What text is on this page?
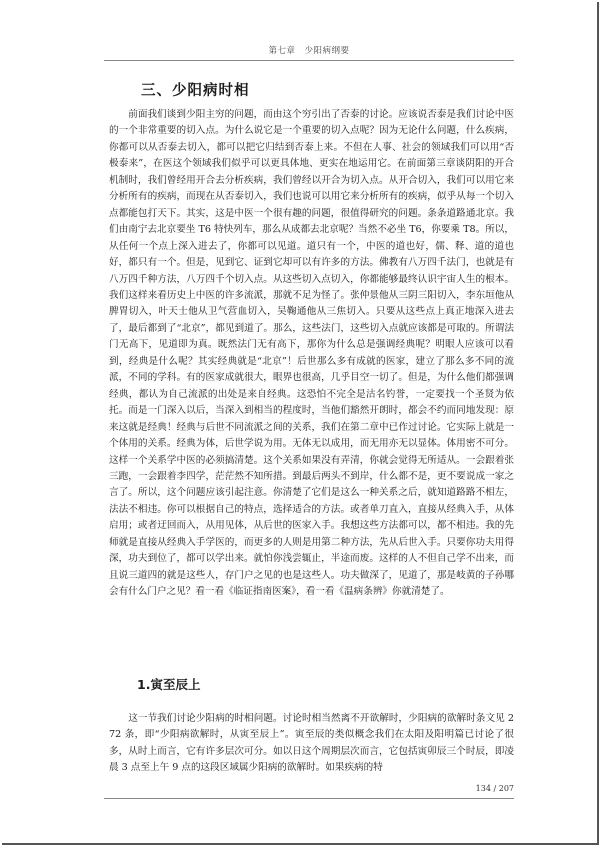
第七章　少阳病纲要
三、少阳病时相

前面我们谈到少阳主穷的问题，而由这个穷引出了否泰的讨论。应该说否泰是我们讨论中医的一个非常重要的切入点。为什么说它是一个重要的切入点呢？因为无论什么问题，什么疾病，你都可以从否泰去切入，都可以把它归结到否泰上来。不但在人事、社会的领域我们可以用“否极泰来”，在医这个领域我们似乎可以更具体地、更实在地运用它。在前面第三章谈阴阳的开合机制时，我们曾经用开合去分析疾病，我们曾经以开合为切入点。从开合切入，我们可以用它来分析所有的疾病，而现在从否泰切入，我们也说可以用它来分析所有的疾病，似乎从每一个切入点都能包打天下。其实，这是中医一个很有趣的问题，很值得研究的问题。条条道路通北京。我们由南宁去北京要坐 T6 特快列车，那么从成都去北京呢？当然不必坐 T6，你要乘 T8。所以，从任何一个点上深入进去了，你都可以见道。道只有一个，中医的道也好，儒、释、道的道也好，都只有一个。但是，见到它、证到它却可以有许多的方法。佛教有八万四千法门，也就是有八万四千种方法，八万四千个切入点。从这些切入点切入，你都能够最终认识宇宙人生的根本。我们这样来看历史上中医的许多流派，那就不足为怪了。张仲景他从三阴三阳切入，李东垣他从脾胃切入，叶天士他从卫气营血切入，吴鞠通他从三焦切入。只要从这些点上真正地深入进去了，最后都到了“北京”，都见到道了。那么，这些法门，这些切入点就应该都是可取的。所谓法门无高下，见道即为真。既然法门无有高下，那你为什么总是强调经典呢？明眼人应该可以看到，经典是什么呢？其实经典就是“北京”！后世那么多有成就的医家，建立了那么多不同的流派，不同的学科。有的医家成就很大，眼界也很高，几乎目空一切了。但是，为什么他们都强调经典，都认为自己流派的出处是来自经典。这恐怕不完全是沽名钓誉，一定要找一个圣贤为依托。而是一门深入以后，当深入到相当的程度时，当他们豁然开朗时，都会不约而同地发现：原来这就是经典！经典与后世不同流派之间的关系，我们在第二章中已作过讨论。它实际上就是一个体用的关系。经典为体，后世学说为用。无体无以成用，而无用亦无以显体。体用密不可分。这样一个关系学中医的必须搞清楚。这个关系如果没有弄清，你就会觉得无所适从。一会跟着张三跑，一会跟着李四学，茫茫然不知所措。到最后两头不到岸，什么都不是，更不要说成一家之言了。所以，这个问题应该引起注意。你清楚了它们是这么一种关系之后，就知道路路不相左，法法不相违。你可以根据自己的特点，选择适合的方法。或者单刀直入，直接从经典入手，从体启用；或者迂回而入，从用见体，从后世的医家入手。我想这些方法都可以，都不相违。我的先师就是直接从经典入手学医的，而更多的人则是用第二种方法，先从后世入手。只要你功夫用得深，功夫到位了，都可以学出来。就怕你浅尝辄止，半途而废。这样的人不但自己学不出来，而且说三道四的就是这些人，存门户之见的也是这些人。功夫做深了，见道了，那是岐黄的子孙哪会有什么门户之见？看一看《临证指南医案》，看一看《温病条辨》你就清楚了。

1.寅至辰上

这一节我们讨论少阳病的时相问题。讨论时相当然离不开欲解时，少阳病的欲解时条文见 272 条，即“少阳病欲解时，从寅至辰上”。寅至辰的类似概念我们在太阳及阳明篇已讨论了很多，从时上而言，它有许多层次可分。如以日这个周期层次而言，它包括寅卯辰三个时辰，即凌晨 3 点至上午 9 点的这段区域属少阳病的欲解时。如果疾病的特

134 / 207
